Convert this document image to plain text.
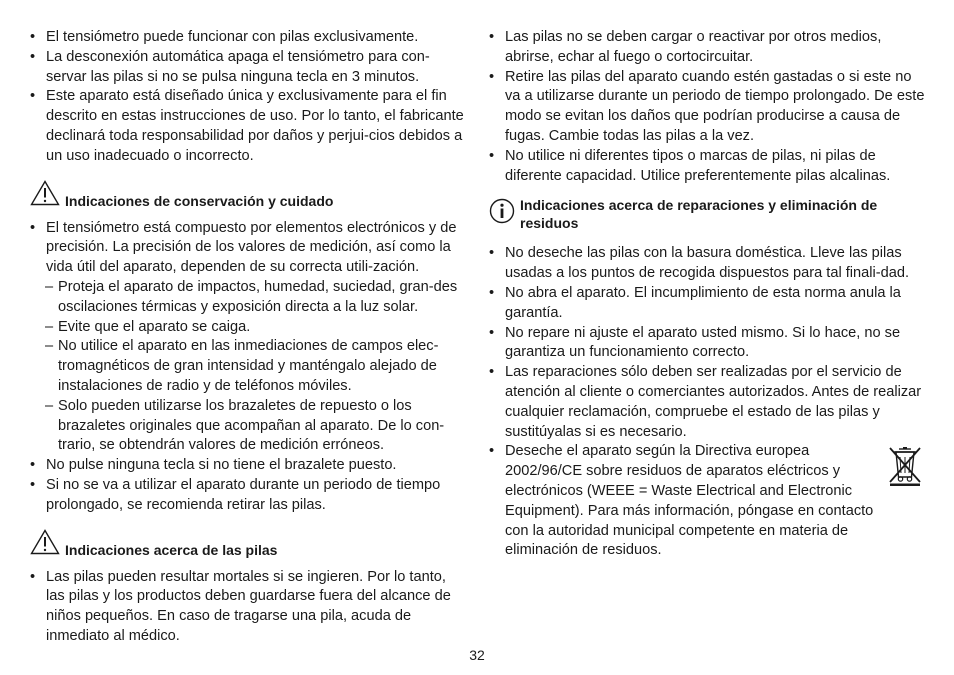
• El tensiómetro puede funcionar con pilas exclusivamente.

• La desconexión automática apaga el tensiómetro para con-servar las pilas si no se pulsa ninguna tecla en 3 minutos.

• Este aparato está diseñado única y exclusivamente para el fin descrito en estas instrucciones de uso. Por lo tanto, el fabricante declinará toda responsabilidad por daños y perjui-cios debidos a un uso inadecuado o incorrecto.

Indicaciones de conservación y cuidado

• El tensiómetro está compuesto por elementos electrónicos y de precisión. La precisión de los valores de medición, así como la vida útil del aparato, dependen de su correcta utili-zación.

– Proteja el aparato de impactos, humedad, suciedad, gran-des oscilaciones térmicas y exposición directa a la luz solar.

– Evite que el aparato se caiga.

– No utilice el aparato en las inmediaciones de campos elec-tromagnéticos de gran intensidad y manténgalo alejado de instalaciones de radio y de teléfonos móviles.

– Solo pueden utilizarse los brazaletes de repuesto o los brazaletes originales que acompañan al aparato. De lo con-trario, se obtendrán valores de medición erróneos.

• No pulse ninguna tecla si no tiene el brazalete puesto.

• Si no se va a utilizar el aparato durante un periodo de tiempo prolongado, se recomienda retirar las pilas.

Indicaciones acerca de las pilas

• Las pilas pueden resultar mortales si se ingieren. Por lo tanto, las pilas y los productos deben guardarse fuera del alcance de niños pequeños. En caso de tragarse una pila, acuda de inmediato al médico.

• Las pilas no se deben cargar o reactivar por otros medios, abrirse, echar al fuego o cortocircuitar.

• Retire las pilas del aparato cuando estén gastadas o si este no va a utilizarse durante un periodo de tiempo prolongado. De este modo se evitan los daños que podrían producirse a causa de fugas. Cambie todas las pilas a la vez.

• No utilice ni diferentes tipos o marcas de pilas, ni pilas de diferente capacidad. Utilice preferentemente pilas alcalinas.

Indicaciones acerca de reparaciones y eliminación de residuos

• No deseche las pilas con la basura doméstica. Lleve las pilas usadas a los puntos de recogida dispuestos para tal finali-dad.

• No abra el aparato. El incumplimiento de esta norma anula la garantía.

• No repare ni ajuste el aparato usted mismo. Si lo hace, no se garantiza un funcionamiento correcto.

• Las reparaciones sólo deben ser realizadas por el servicio de atención al cliente o comerciantes autorizados. Antes de realizar cualquier reclamación, compruebe el estado de las pilas y sustitúyalas si es necesario.

• Deseche el aparato según la Directiva europea 2002/96/CE sobre residuos de aparatos eléctricos y electrónicos (WEEE = Waste Electrical and Electronic Equipment). Para más información, póngase en contacto con la autoridad municipal competente en materia de eliminación de residuos.

32
